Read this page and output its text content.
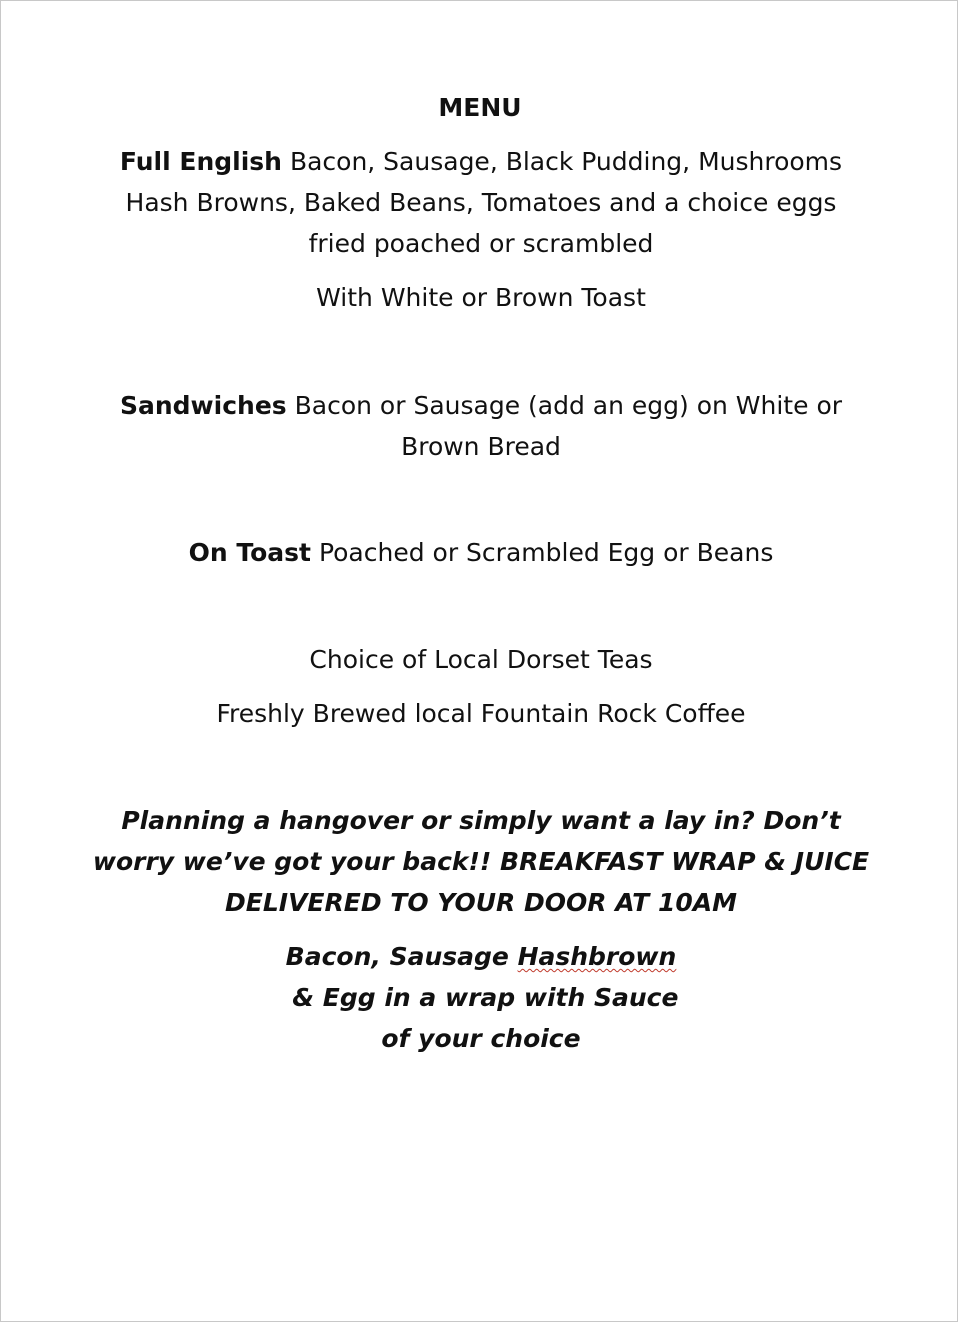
MENU
Full English Bacon, Sausage, Black Pudding, Mushrooms
Hash Browns, Baked Beans, Tomatoes and a choice eggs
fried poached or scrambled
With White or Brown Toast
Sandwiches Bacon or Sausage (add an egg) on White or
Brown Bread
On Toast Poached or Scrambled Egg or Beans
Choice of Local Dorset Teas
Freshly Brewed local Fountain Rock Coffee
Planning a hangover or simply want a lay in? Don’t
worry we’ve got your back!! BREAKFAST WRAP & JUICE
DELIVERED TO YOUR DOOR AT 10AM
Bacon, Sausage Hashbrown & Egg in a wrap with Sauce
of your choice
